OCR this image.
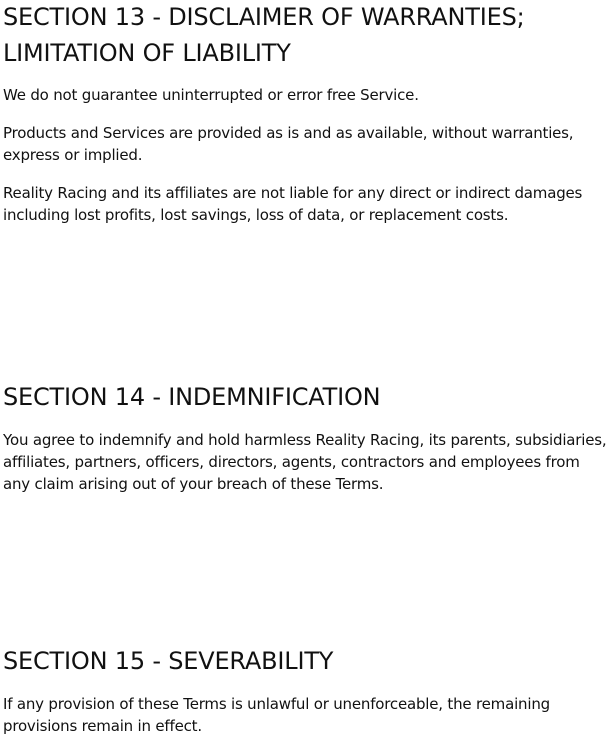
SECTION 13 - DISCLAIMER OF WARRANTIES; LIMITATION OF LIABILITY

We do not guarantee uninterrupted or error free Service.

Products and Services are provided as is and as available, without warranties, express or implied.

Reality Racing and its affiliates are not liable for any direct or indirect damages including lost profits, lost savings, loss of data, or replacement costs.

SECTION 14 - INDEMNIFICATION

You agree to indemnify and hold harmless Reality Racing, its parents, subsidiaries, affiliates, partners, officers, directors, agents, contractors and employees from any claim arising out of your breach of these Terms.

SECTION 15 - SEVERABILITY

If any provision of these Terms is unlawful or unenforceable, the remaining provisions remain in effect.
